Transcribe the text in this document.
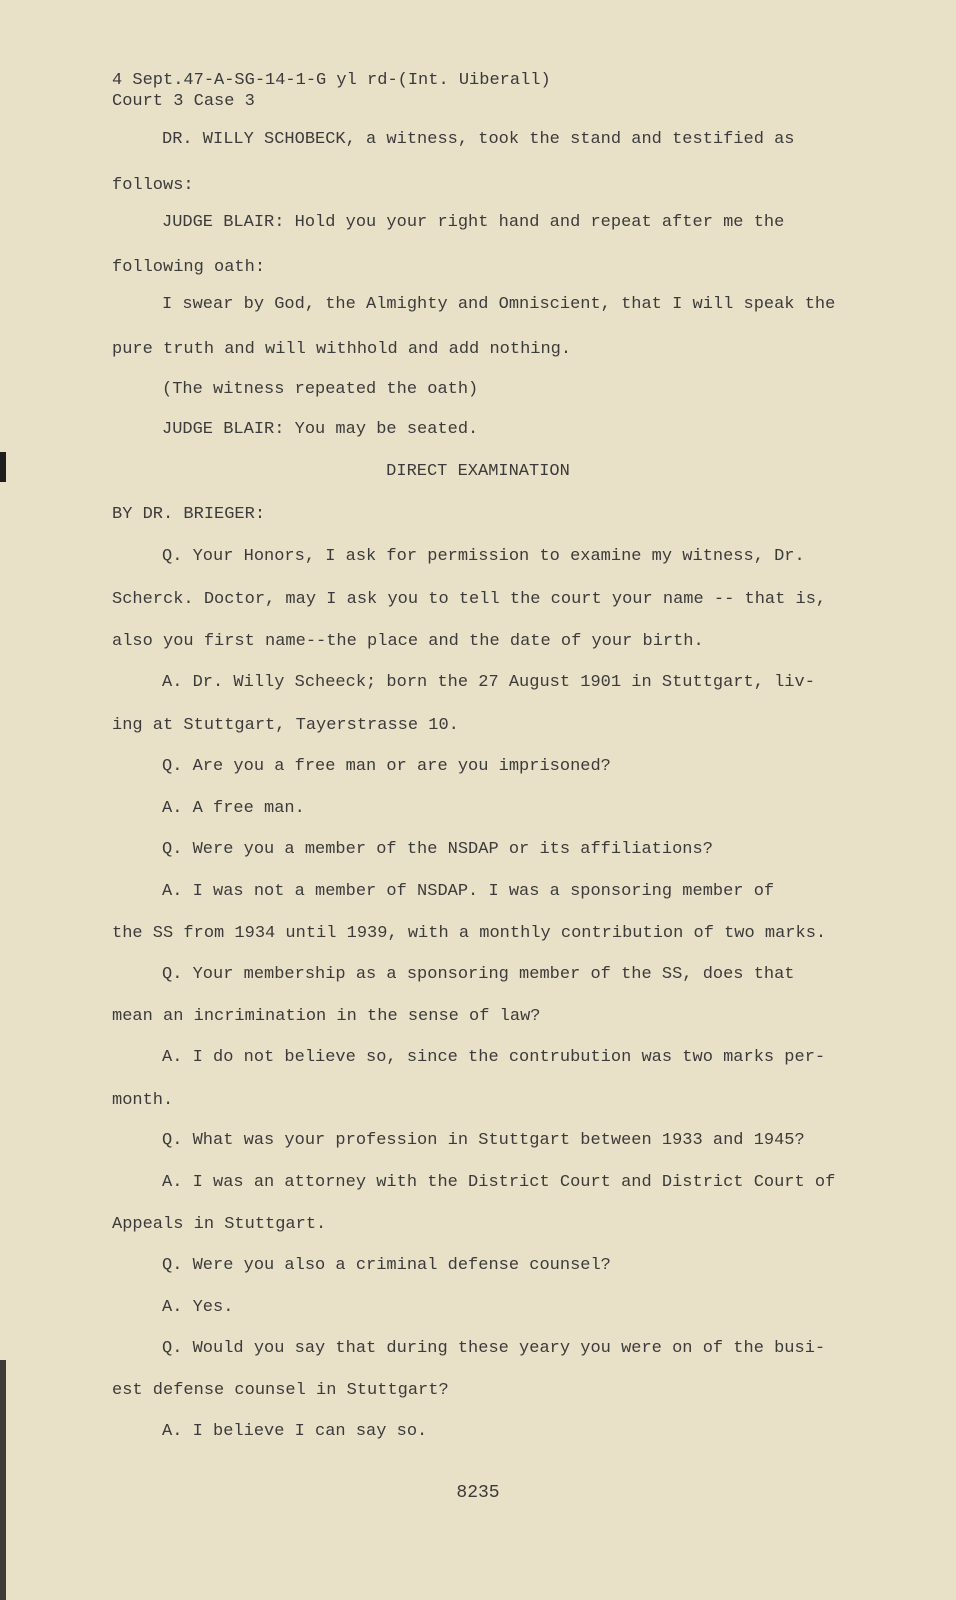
4 Sept.47-A-SG-14-1-G yl rd-(Int. Uiberall)
Court 3 Case 3
DR. WILLY SCHOBECK, a witness, took the stand and testified as
follows:
JUDGE BLAIR: Hold you your right hand and repeat after me the
following oath:
I swear by God, the Almighty and Omniscient, that I will speak the
pure truth and will withhold and add nothing.
(The witness repeated the oath)
JUDGE BLAIR: You may be seated.
DIRECT EXAMINATION
BY DR. BRIEGER:
Q. Your Honors, I ask for permission to examine my witness, Dr.
Scherck. Doctor, may I ask you to tell the court your name -- that is,
also you first name--the place and the date of your birth.
A. Dr. Willy Scheeck; born the 27 August 1901 in Stuttgart, liv-
ing at Stuttgart, Tayerstrasse 10.
Q. Are you a free man or are you imprisoned?
A. A free man.
Q. Were you a member of the NSDAP or its affiliations?
A. I was not a member of NSDAP. I was a sponsoring member of
the SS from 1934 until 1939, with a monthly contribution of two marks.
Q. Your membership as a sponsoring member of the SS, does that
mean an incrimination in the sense of law?
A. I do not believe so, since the contrubution was two marks per-
month.
Q. What was your profession in Stuttgart between 1933 and 1945?
A. I was an attorney with the District Court and District Court of
Appeals in Stuttgart.
Q. Were you also a criminal defense counsel?
A. Yes.
Q. Would you say that during these yeary you were on of the busi-
est defense counsel in Stuttgart?
A. I believe I can say so.
8235
